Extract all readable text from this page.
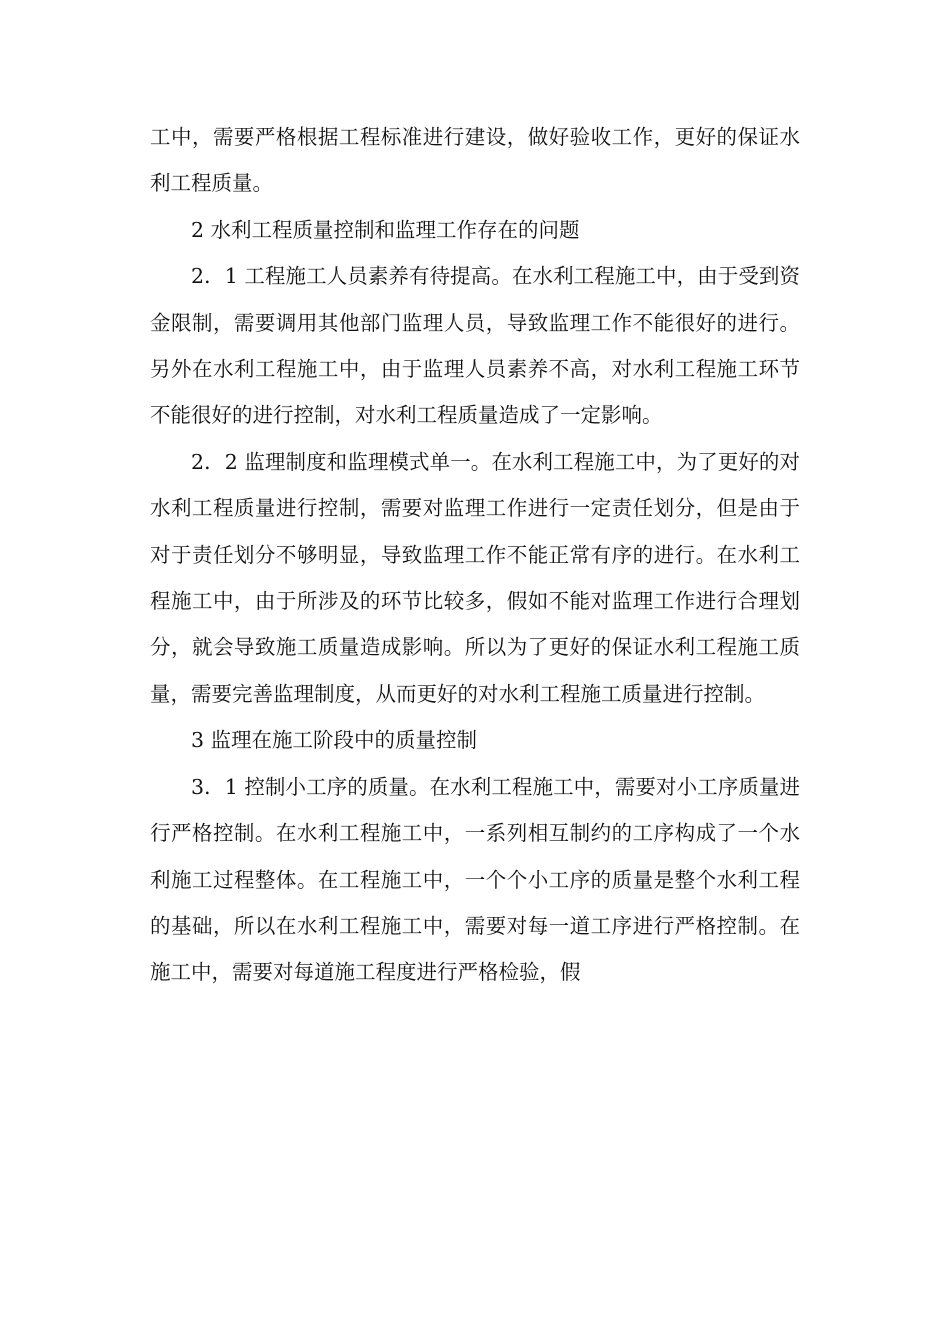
工中，需要严格根据工程标准进行建设，做好验收工作，更好的保证水利工程质量。

2 水利工程质量控制和监理工作存在的问题

2．1 工程施工人员素养有待提高。在水利工程施工中，由于受到资金限制，需要调用其他部门监理人员，导致监理工作不能很好的进行。另外在水利工程施工中，由于监理人员素养不高，对水利工程施工环节不能很好的进行控制，对水利工程质量造成了一定影响。

2．2 监理制度和监理模式单一。在水利工程施工中，为了更好的对水利工程质量进行控制，需要对监理工作进行一定责任划分，但是由于对于责任划分不够明显，导致监理工作不能正常有序的进行。在水利工程施工中，由于所涉及的环节比较多，假如不能对监理工作进行合理划分，就会导致施工质量造成影响。所以为了更好的保证水利工程施工质量，需要完善监理制度，从而更好的对水利工程施工质量进行控制。

3 监理在施工阶段中的质量控制

3．1 控制小工序的质量。在水利工程施工中，需要对小工序质量进行严格控制。在水利工程施工中，一系列相互制约的工序构成了一个水利施工过程整体。在工程施工中，一个个小工序的质量是整个水利工程的基础，所以在水利工程施工中，需要对每一道工序进行严格控制。在施工中，需要对每道施工程度进行严格检验，假
